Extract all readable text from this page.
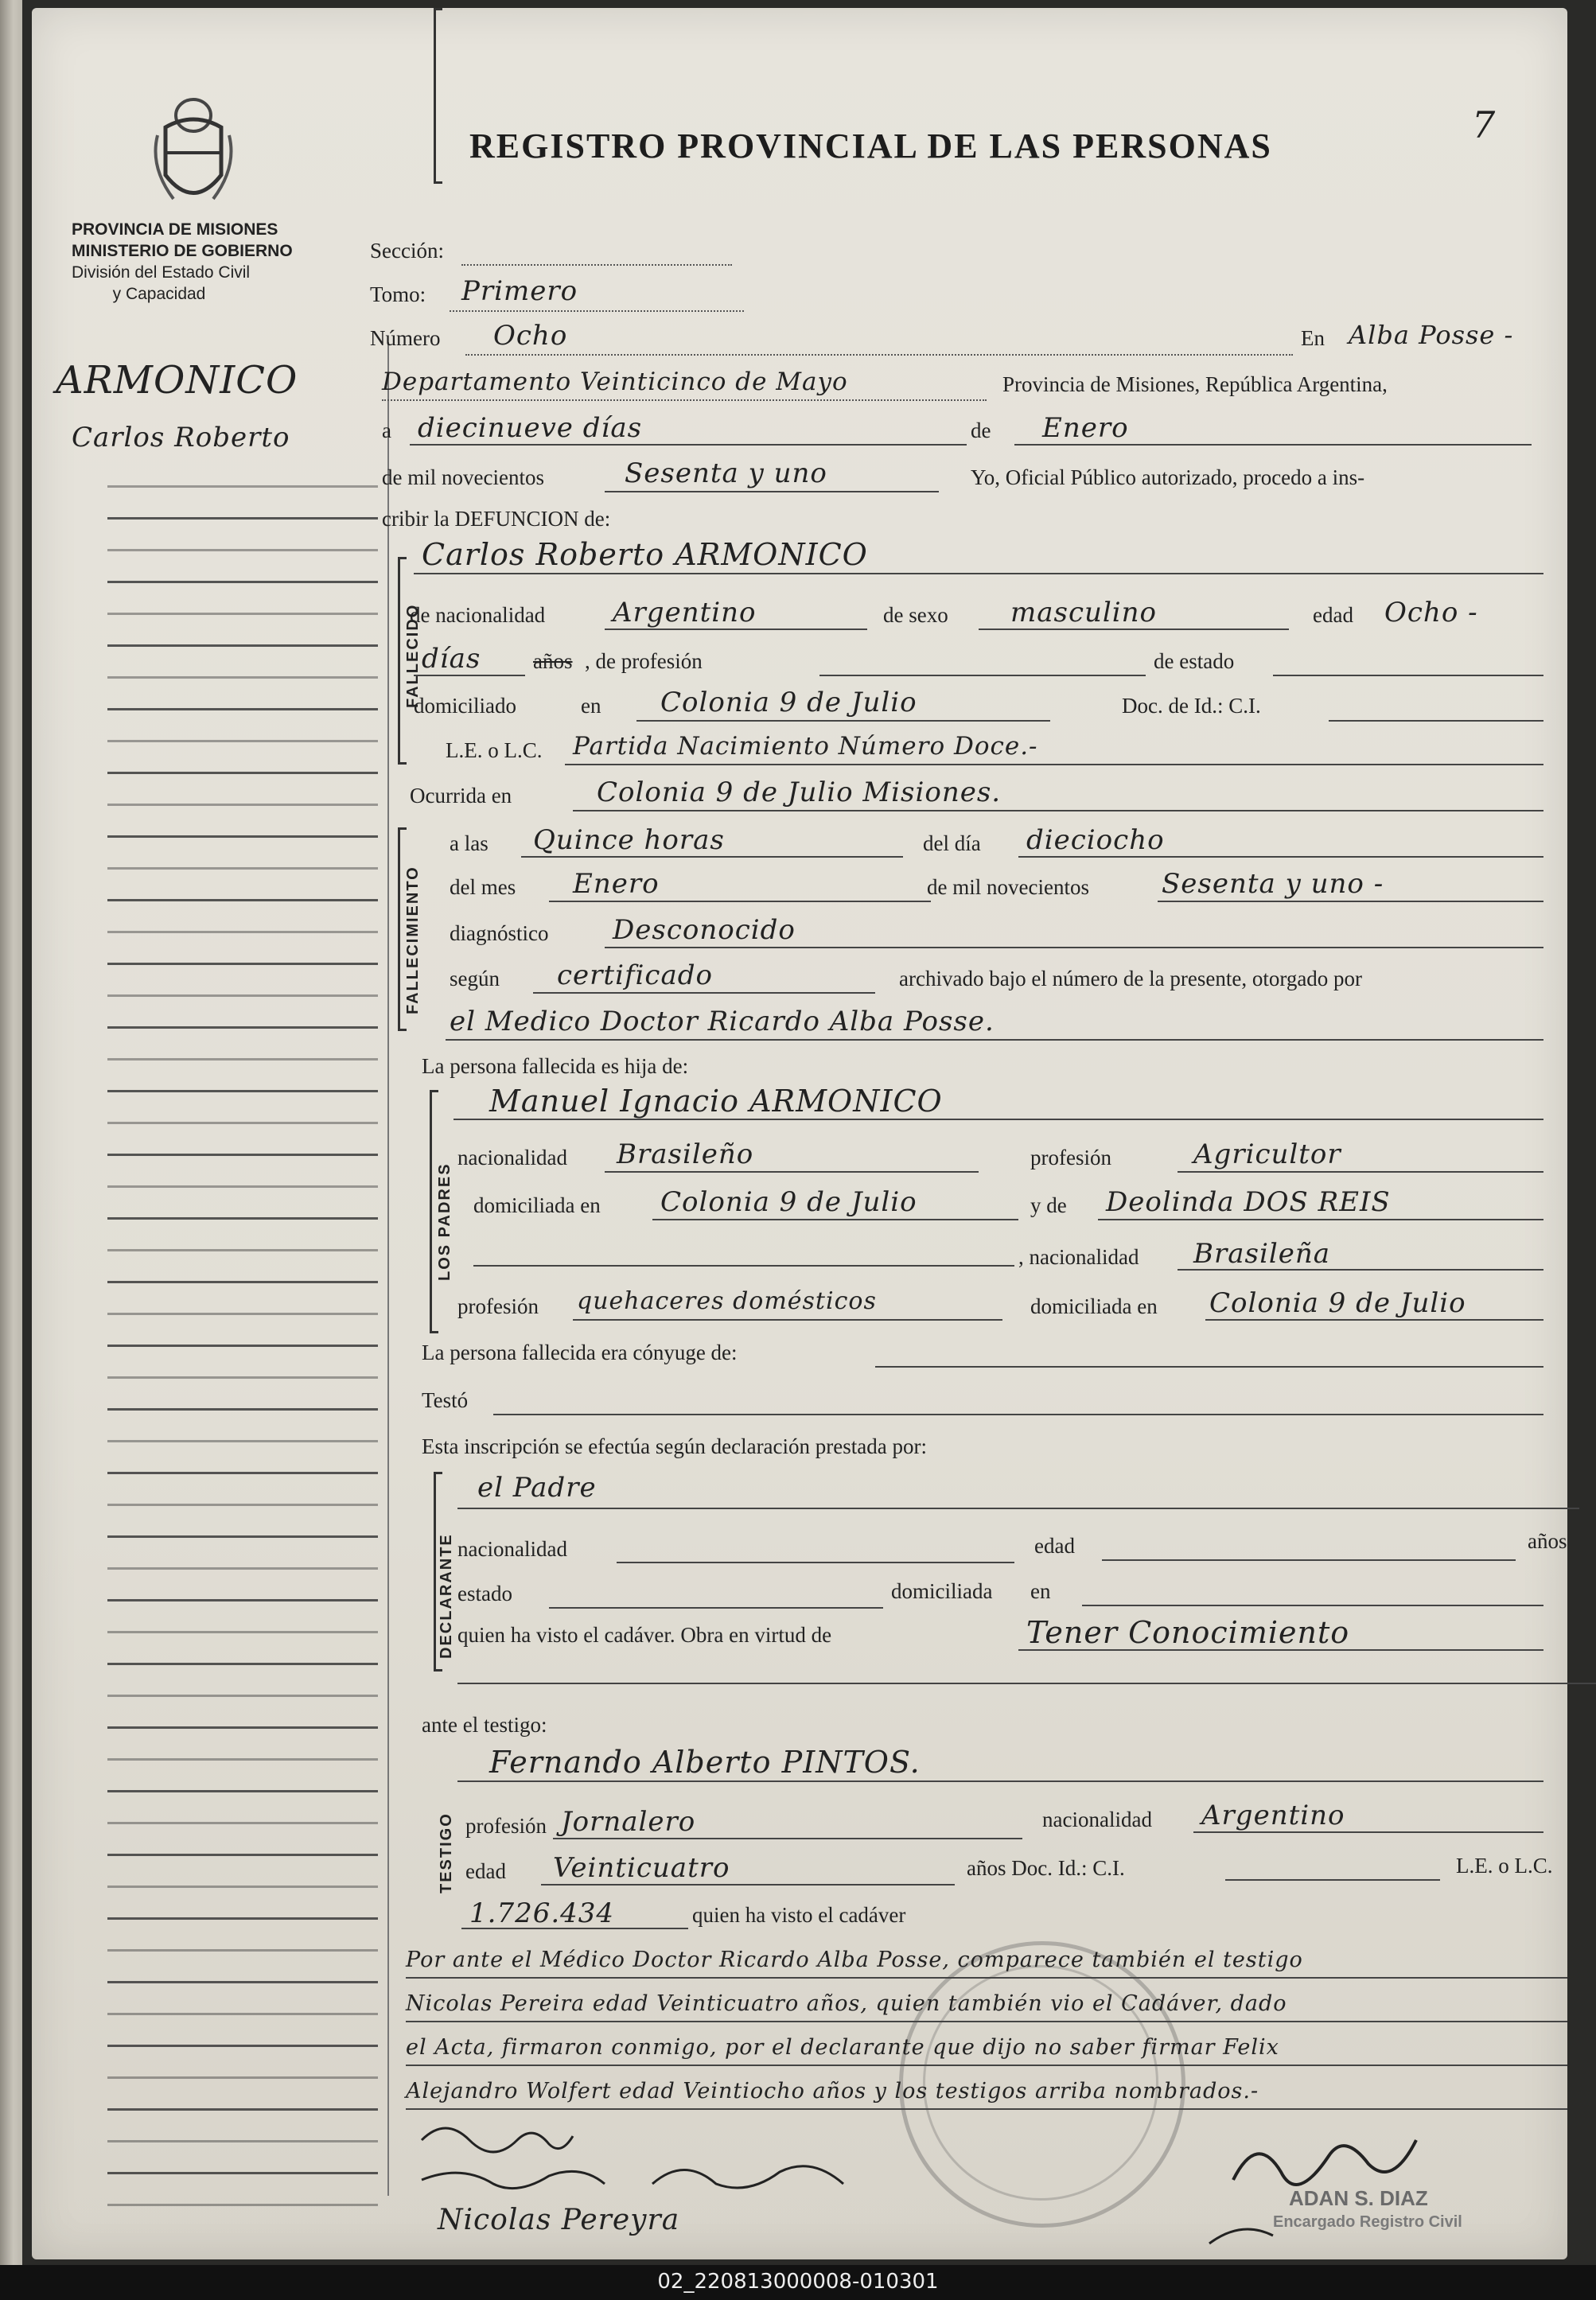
PROVINCIA DE MISIONES
MINISTERIO DE GOBIERNO
División del Estado Civil
y Capacidad
REGISTRO PROVINCIAL DE LAS PERSONAS	7
ARMONICO
Carlos Roberto
Sección:
Tomo: Primero
Número Ocho	En Alba Posse -
Departamento Veinticinco de Mayo	Provincia de Misiones, República Argentina,
a diecinueve días	de Enero
de mil novecientos	Sesenta y uno	Yo, Oficial Público autorizado, procedo a ins-
cribir la DEFUNCION de:
FALLECIDO
Carlos Roberto ARMONICO
de nacionalidad Argentino	de sexo masculino	edad Ocho -
días años , de profesión	de estado
domiciliado	en Colonia 9 de Julio	Doc. de Id.: C.I.
L.E. o L.C. Partida Nacimiento Número Doce.-
Ocurrida en	Colonia 9 de Julio Misiones.
FALLECIMIENTO
a las Quince horas	del día dieciocho
del mes Enero	de mil novecientos	Sesenta y uno -
diagnóstico Desconocido
según certificado	archivado bajo el número de la presente, otorgado por
el Medico Doctor Ricardo Alba Posse.
La persona fallecida es hija de:
LOS PADRES
Manuel Ignacio ARMONICO
nacionalidad Brasileño	profesión	Agricultor
domiciliada en Colonia 9 de Julio	y de Deolinda DOS REIS
, nacionalidad Brasileña
profesión quehaceres domésticos	domiciliada en Colonia 9 de Julio
La persona fallecida era cónyuge de:
Testó
Esta inscripción se efectúa según declaración prestada por:
DECLARANTE
el Padre
nacionalidad	edad	años
estado	domiciliada en
quien ha visto el cadáver. Obra en virtud de	Tener Conocimiento
ante el testigo:
TESTIGO
Fernando Alberto PINTOS.
profesión Jornalero	nacionalidad Argentino
edad Veinticuatro	años Doc. Id.: C.I.	L.E. o L.C.
1.726.434	quien ha visto el cadáver
Por ante el Médico Doctor Ricardo Alba Posse, comparece también el testigo
Nicolas Pereira edad Veinticuatro años, quien también vio el Cadáver, dado
el Acta, firmaron conmigo, por el declarante que dijo no saber firmar Felix
Alejandro Wolfert edad Veintiocho años y los testigos arriba nombrados.-
Nicolas Pereyra
ADAN S. DIAZ
Encargado Registro Civil
02_220813000008-010301
